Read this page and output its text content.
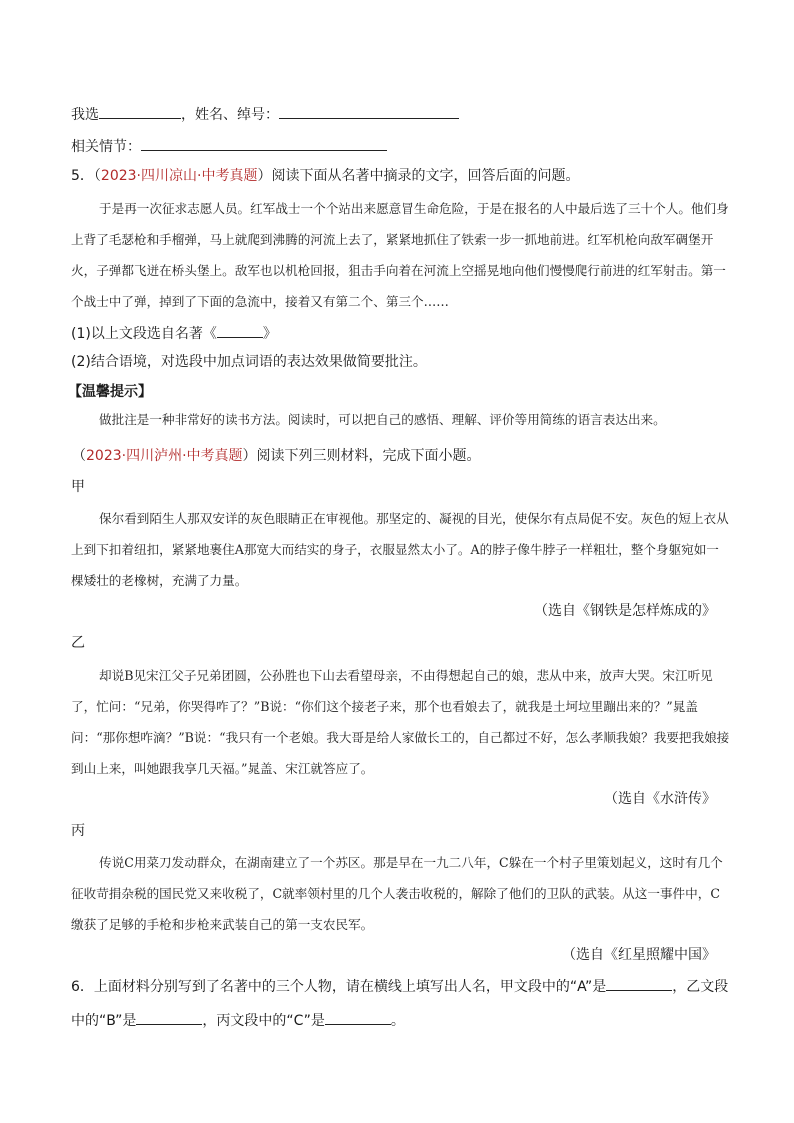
我选	，姓名、绰号：
相关情节：
5．（2023·四川凉山·中考真题）阅读下面从名著中摘录的文字，回答后面的问题。
于是再一次征求志愿人员。红军战士一个个站出来愿意冒生命危险，于是在报名的人中最后选了三十个人。他们身上背了毛瑟枪和手榴弹，马上就爬到沸腾的河流上去了，紧紧地抓住了铁索一步一抓地前进。红军机枪向敌军碉堡开火，子弹都飞迸在桥头堡上。敌军也以机枪回报，狙击手向着在河流上空摇晃地向他们慢慢爬行前进的红军射击。第一个战士中了弹，掉到了下面的急流中，接着又有第二个、第三个……
(1)以上文段选自名著《	》
(2)结合语境，对选段中加点词语的表达效果做简要批注。
【温馨提示】
做批注是一种非常好的读书方法。阅读时，可以把自己的感悟、理解、评价等用简练的语言表达出来。
（2023·四川泸州·中考真题）阅读下列三则材料，完成下面小题。
甲
保尔看到陌生人那双安详的灰色眼睛正在审视他。那坚定的、凝视的目光，使保尔有点局促不安。灰色的短上衣从上到下扣着纽扣，紧紧地裹住A那宽大而结实的身子，衣服显然太小了。A的脖子像牛脖子一样粗壮，整个身躯宛如一棵矮壮的老橡树，充满了力量。
（选自《钢铁是怎样炼成的》
乙
却说B见宋江父子兄弟团圆，公孙胜也下山去看望母亲，不由得想起自己的娘，悲从中来，放声大哭。宋江听见了，忙问：“兄弟，你哭得咋了？”B说：“你们这个接老子来，那个也看娘去了，就我是土坷垃里蹦出来的？”晁盖问：“那你想咋滴？”B说：“我只有一个老娘。我大哥是给人家做长工的，自己都过不好，怎么孝顺我娘？我要把我娘接到山上来，叫她跟我享几天福。”晁盖、宋江就答应了。
（选自《水浒传》
丙
传说C用菜刀发动群众，在湖南建立了一个苏区。那是早在一九二八年，C躲在一个村子里策划起义，这时有几个征收苛捐杂税的国民党又来收税了，C就率领村里的几个人袭击收税的，解除了他们的卫队的武装。从这一事件中，C缴获了足够的手枪和步枪来武装自己的第一支农民军。
（选自《红星照耀中国》
6．上面材料分别写到了名著中的三个人物，请在横线上填写出人名，甲文段中的“A”是	，乙文段
中的“B”是	，丙文段中的“C”是	。
